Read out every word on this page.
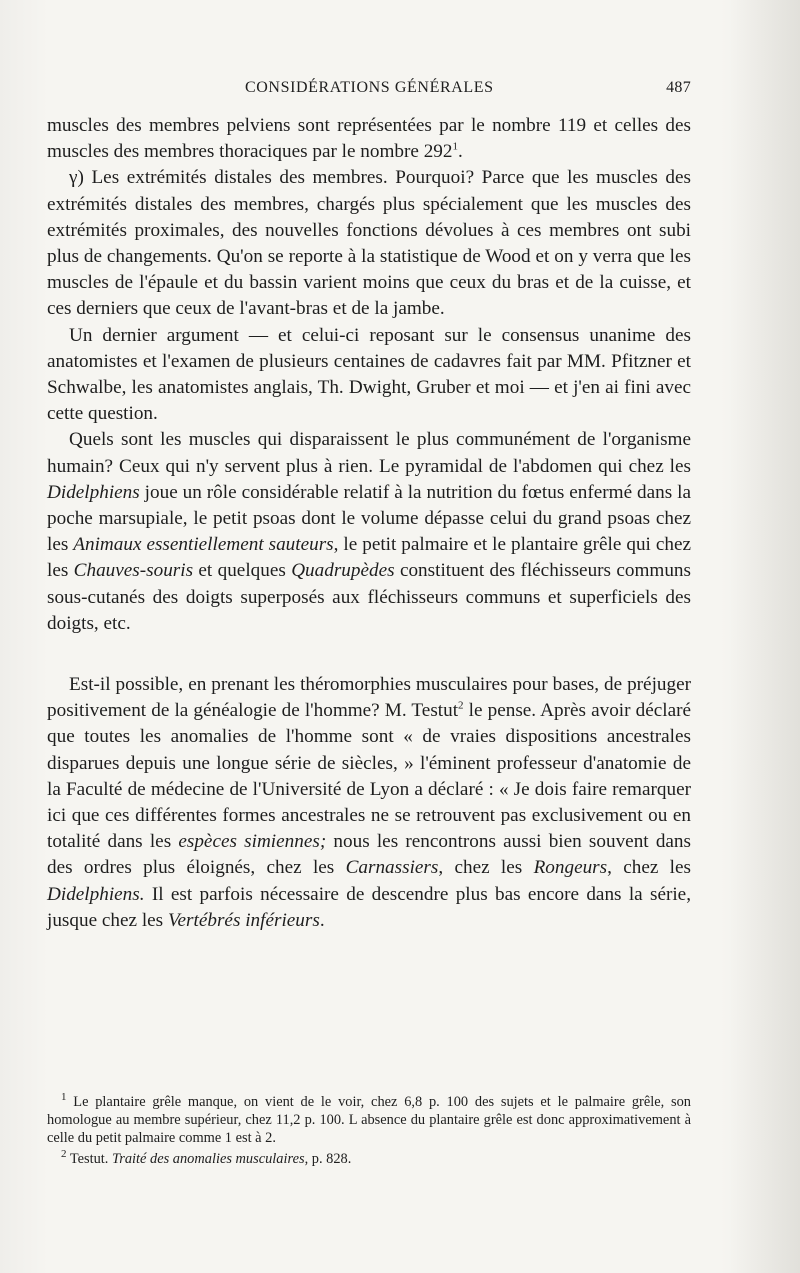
CONSIDÉRATIONS GÉNÉRALES	487

muscles des membres pelviens sont représentées par le nombre 119 et celles des muscles des membres thoraciques par le nombre $292^1$.

γ) Les extrémités distales des membres. Pourquoi? Parce que les muscles des extrémités distales des membres, chargés plus spécialement que les muscles des extrémités proximales, des nouvelles fonctions dévolues à ces membres ont subi plus de changements. Qu'on se reporte à la statistique de Wood et on y verra que les muscles de l'épaule et du bassin varient moins que ceux du bras et de la cuisse, et ces derniers que ceux de l'avant-bras et de la jambe.

Un dernier argument — et celui-ci reposant sur le consensus unanime des anatomistes et l'examen de plusieurs centaines de cadavres fait par MM. Pfitzner et Schwalbe, les anatomistes anglais, Th. Dwight, Gruber et moi — et j'en ai fini avec cette question.

Quels sont les muscles qui disparaissent le plus communément de l'organisme humain? Ceux qui n'y servent plus à rien. Le pyramidal de l'abdomen qui chez les Didelphiens joue un rôle considérable relatif à la nutrition du fœtus enfermé dans la poche marsupiale, le petit psoas dont le volume dépasse celui du grand psoas chez les Animaux essentiellement sauteurs, le petit palmaire et le plantaire grêle qui chez les Chauves-souris et quelques Quadrupèdes constituent des fléchisseurs communs sous-cutanés des doigts superposés aux fléchisseurs communs et superficiels des doigts, etc.

Est-il possible, en prenant les théromorphies musculaires pour bases, de préjuger positivement de la généalogie de l'homme? M. Testut$^2$ le pense. Après avoir déclaré que toutes les anomalies de l'homme sont « de vraies dispositions ancestrales disparues depuis une longue série de siècles, » l'éminent professeur d'anatomie de la Faculté de médecine de l'Université de Lyon a déclaré : « Je dois faire remarquer ici que ces différentes formes ancestrales ne se retrouvent pas exclusivement ou en totalité dans les espèces simiennes; nous les rencontrons aussi bien souvent dans des ordres plus éloignés, chez les Carnassiers, chez les Rongeurs, chez les Didelphiens. Il est parfois nécessaire de descendre plus bas encore dans la série, jusque chez les Vertébrés inférieurs.

$^1$ Le plantaire grêle manque, on vient de le voir, chez 6,8 p. 100 des sujets et le palmaire grêle, son homologue au membre supérieur, chez 11,2 p. 100. L absence du plantaire grêle est donc approximativement à celle du petit palmaire comme 1 est à 2.

$^2$ Testut. Traité des anomalies musculaires, p. 828.
